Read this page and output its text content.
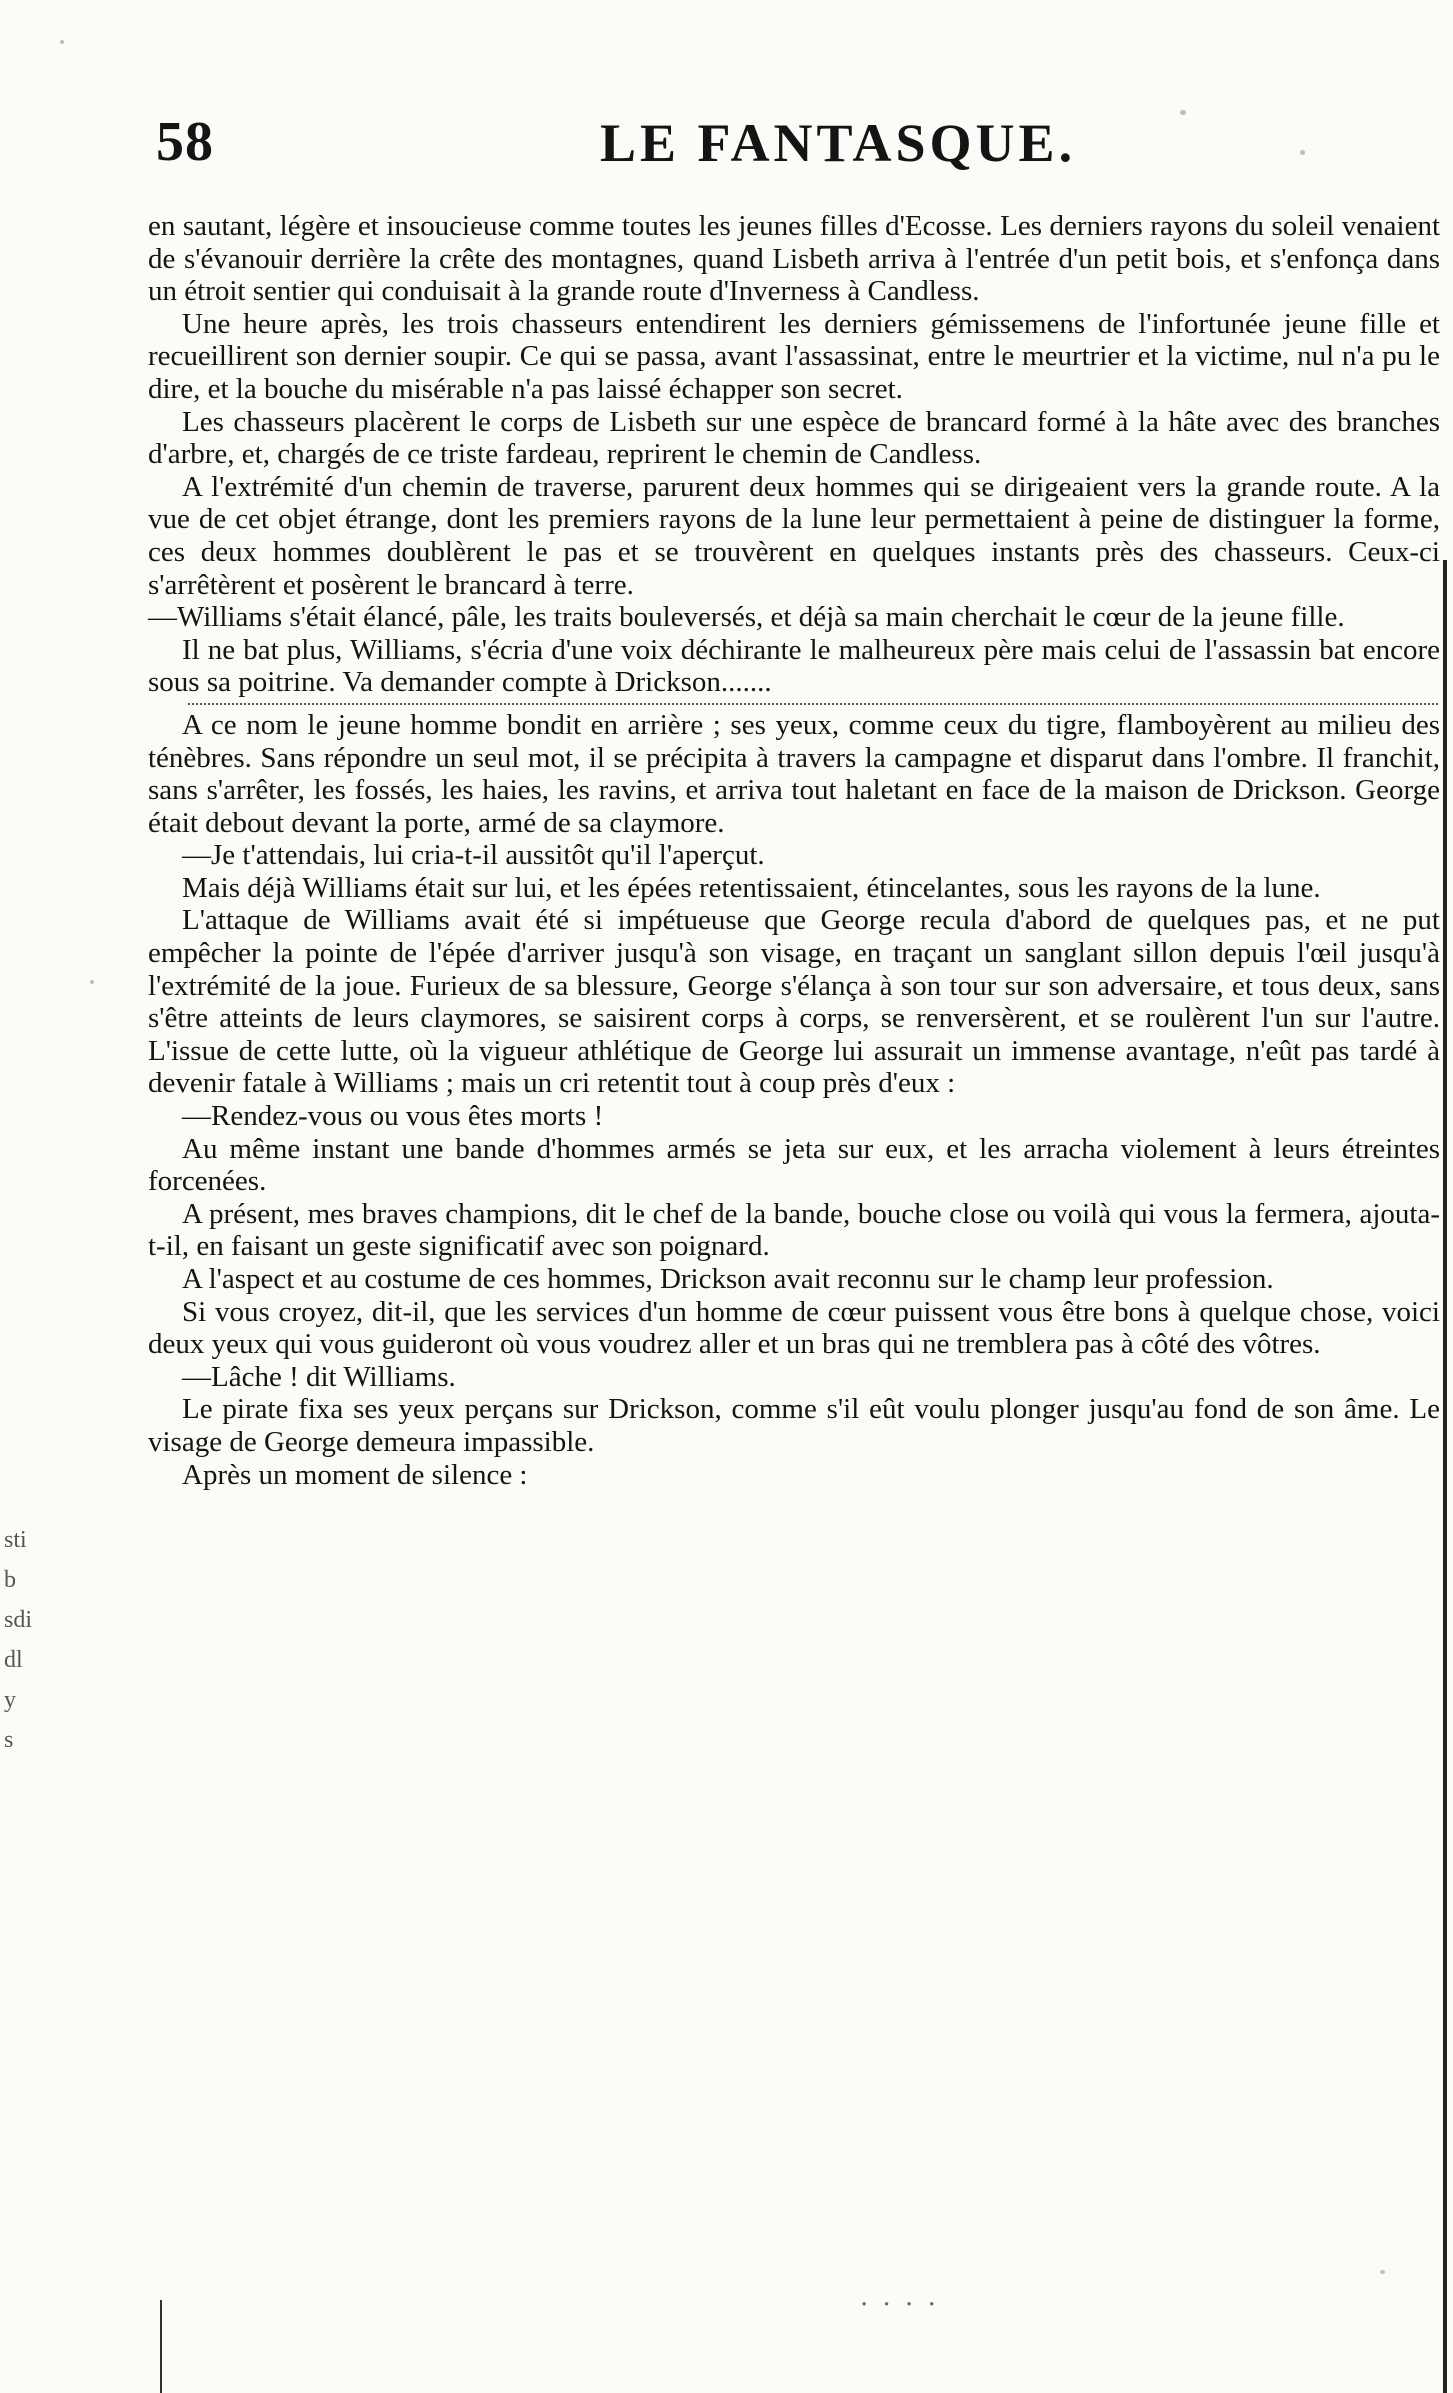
58	LE FANTASQUE.

en sautant, légère et insoucieuse comme toutes les jeunes filles d'Ecosse. Les derniers rayons du soleil venaient de s'évanouir derrière la crête des montagnes, quand Lisbeth arriva à l'entrée d'un petit bois, et s'enfonça dans un étroit sentier qui conduisait à la grande route d'Inverness à Candless.

Une heure après, les trois chasseurs entendirent les derniers gémissemens de l'infortunée jeune fille et recueillirent son dernier soupir. Ce qui se passa, avant l'assassinat, entre le meurtrier et la victime, nul n'a pu le dire, et la bouche du misérable n'a pas laissé échapper son secret.

Les chasseurs placèrent le corps de Lisbeth sur une espèce de brancard formé à la hâte avec des branches d'arbre, et, chargés de ce triste fardeau, reprirent le chemin de Candless.

A l'extrémité d'un chemin de traverse, parurent deux hommes qui se dirigeaient vers la grande route. A la vue de cet objet étrange, dont les premiers rayons de la lune leur permettaient à peine de distinguer la forme, ces deux hommes doublèrent le pas et se trouvèrent en quelques instants près des chasseurs. Ceux-ci s'arrêtèrent et posèrent le brancard à terre.

—Williams s'était élancé, pâle, les traits bouleversés, et déjà sa main cherchait le cœur de la jeune fille.

Il ne bat plus, Williams, s'écria d'une voix déchirante le malheureux père mais celui de l'assassin bat encore sous sa poitrine. Va demander compte à Drickson.......

A ce nom le jeune homme bondit en arrière ; ses yeux, comme ceux du tigre, flamboyèrent au milieu des ténèbres. Sans répondre un seul mot, il se précipita à travers la campagne et disparut dans l'ombre. Il franchit, sans s'arrêter, les fossés, les haies, les ravins, et arriva tout haletant en face de la maison de Drickson. George était debout devant la porte, armé de sa claymore.

—Je t'attendais, lui cria-t-il aussitôt qu'il l'aperçut.

Mais déjà Williams était sur lui, et les épées retentissaient, étincelantes, sous les rayons de la lune.

L'attaque de Williams avait été si impétueuse que George recula d'abord de quelques pas, et ne put empêcher la pointe de l'épée d'arriver jusqu'à son visage, en traçant un sanglant sillon depuis l'œil jusqu'à l'extrémité de la joue. Furieux de sa blessure, George s'élança à son tour sur son adversaire, et tous deux, sans s'être atteints de leurs claymores, se saisirent corps à corps, se renversèrent, et se roulèrent l'un sur l'autre. L'issue de cette lutte, où la vigueur athlétique de George lui assurait un immense avantage, n'eût pas tardé à devenir fatale à Williams ; mais un cri retentit tout à coup près d'eux :

—Rendez-vous ou vous êtes morts !

Au même instant une bande d'hommes armés se jeta sur eux, et les arracha violement à leurs étreintes forcenées.

A présent, mes braves champions, dit le chef de la bande, bouche close ou voilà qui vous la fermera, ajouta-t-il, en faisant un geste significatif avec son poignard.

A l'aspect et au costume de ces hommes, Drickson avait reconnu sur le champ leur profession.

Si vous croyez, dit-il, que les services d'un homme de cœur puissent vous être bons à quelque chose, voici deux yeux qui vous guideront où vous voudrez aller et un bras qui ne tremblera pas à côté des vôtres.

—Lâche ! dit Williams.

Le pirate fixa ses yeux perçans sur Drickson, comme s'il eût voulu plonger jusqu'au fond de son âme. Le visage de George demeura impassible.

Après un moment de silence :

sti
b
sdi
dl
y
s
· · · ·
